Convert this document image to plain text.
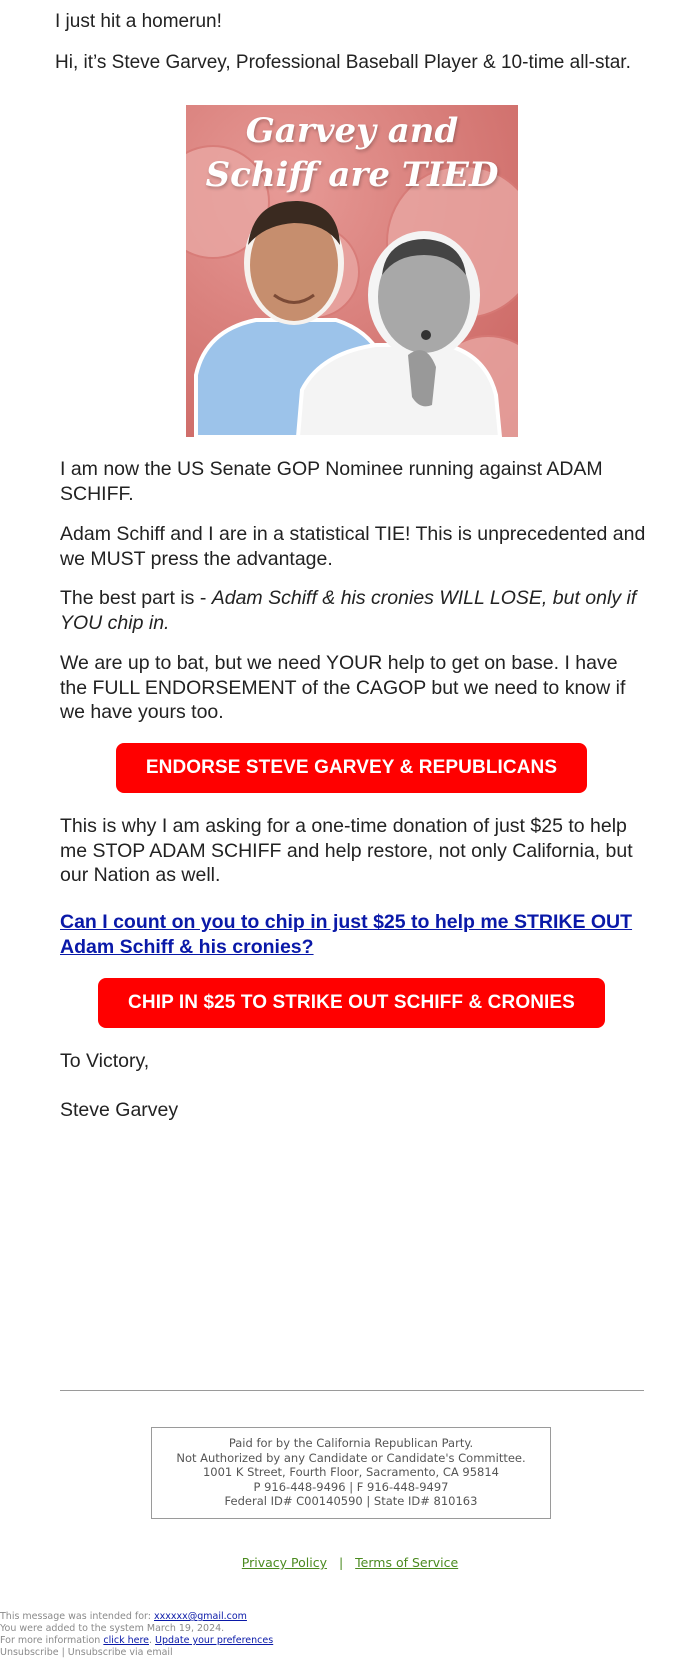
I just hit a homerun!

Hi, it’s Steve Garvey, Professional Baseball Player & 10-time all-star.

Garvey and
Schiff are TIED

I am now the US Senate GOP Nominee running against ADAM SCHIFF.

Adam Schiff and I are in a statistical TIE! This is unprecedented and we MUST press the advantage.

The best part is - Adam Schiff & his cronies WILL LOSE, but only if YOU chip in.

We are up to bat, but we need YOUR help to get on base. I have the FULL ENDORSEMENT of the CAGOP but we need to know if we have yours too.

ENDORSE STEVE GARVEY & REPUBLICANS

This is why I am asking for a one-time donation of just $25 to help me STOP ADAM SCHIFF and help restore, not only California, but our Nation as well.

Can I count on you to chip in just $25 to help me STRIKE OUT Adam Schiff & his cronies?
CHIP IN $25 TO STRIKE OUT SCHIFF & CRONIES

To Victory,

Steve Garvey

Paid for by the California Republican Party.
Not Authorized by any Candidate or Candidate's Committee.
1001 K Street, Fourth Floor, Sacramento, CA 95814
P 916-448-9496 | F 916-448-9497
Federal ID# C00140590 | State ID# 810163
Privacy Policy | Terms of Service
This message was intended for: xxxxxx@gmail.com
You were added to the system March 19, 2024.
For more information click here. Update your preferences
Unsubscribe | Unsubscribe via email
